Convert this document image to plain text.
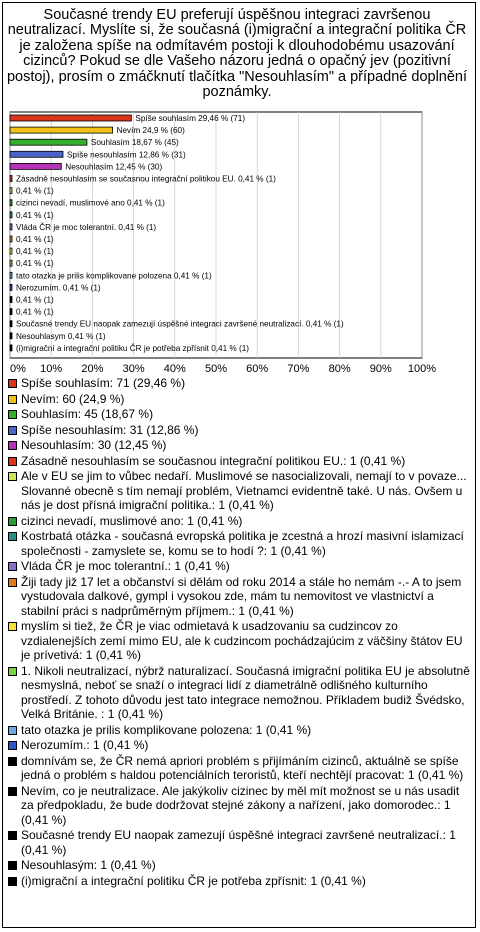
Současné trendy EU preferují úspěšnou integraci završenou neutralizací. Myslíte si, že současná (i)migrační a integrační politika ČR je založena spíše na odmítavém postoji k dlouhodobému usazování cizinců? Pokud se dle Vašeho názoru jedná o opačný jev (pozitivní postoj), prosím o zmáčknutí tlačítka "Nesouhlasím" a případné doplnění poznámky.
0% 10% 20% 30% 40% 50% 60% 70% 80% 90% 100%
Spíše souhlasím 29,46 % (71)
Nevím 24,9 % (60)
Souhlasím 18,67 % (45)
Spíše nesouhlasím 12,86 % (31)
Nesouhlasím 12,45 % (30)
Zásadně nesouhlasím se současnou integrační politikou EU. 0,41 % (1)
0,41 % (1)
cizinci nevadí, muslimové ano 0,41 % (1)
0,41 % (1)
Vláda ČR je moc tolerantní. 0,41 % (1)
0,41 % (1)
0,41 % (1)
0,41 % (1)
tato otazka je prilis komplikovane polozena 0,41 % (1)
Nerozumím. 0,41 % (1)
0,41 % (1)
0,41 % (1)
Současné trendy EU naopak zamezují úspěšné integraci završené neutralizací. 0,41 % (1)
Nesouhlasym 0,41 % (1)
(i)migrační a integrační politiku ČR je potřeba zpřísnit 0,41 % (1)
Spíše souhlasím: 71 (29,46 %)
Nevím: 60 (24,9 %)
Souhlasím: 45 (18,67 %)
Spíše nesouhlasím: 31 (12,86 %)
Nesouhlasím: 30 (12,45 %)
Zásadně nesouhlasím se současnou integrační politikou EU.: 1 (0,41 %)
Ale v EU se jim to vůbec nedaří. Muslimové se nasocializovali, nemají to v povaze... Slovanné obecně s tím nemají problém, Vietnamci evidentně také. U nás. Ovšem u nás je dost přísná imigrační politika.: 1 (0,41 %)
cizinci nevadí, muslimové ano: 1 (0,41 %)
Kostrbatá otázka - současná evropská politika je zcestná a hrozí masivní islamizací společnosti - zamyslete se, komu se to hodí ?: 1 (0,41 %)
Vláda ČR je moc tolerantní.: 1 (0,41 %)
Žiji tady již 17 let a občanství si dělám od roku 2014 a stále ho nemám -.- A to jsem vystudovala dalkové, gympl i vysokou zde, mám tu nemovitost ve vlastnictví a stabilní práci s nadprůměrným příjmem.: 1 (0,41 %)
myslím si tiež, že ČR je viac odmietavá k usadzovaniu sa cudzincov zo vzdialenejších zemí mimo EU, ale k cudzincom pochádzajúcim z väčšiny štátov EU je prívetivá: 1 (0,41 %)
1. Nikoli neutralizací, nýbrž naturalizací. Současná imigrační politika EU je absolutně nesmyslná, neboť se snaží o integraci lidí z diametrálně odlišného kulturního prostředí. Z tohoto důvodu jest tato integrace nemožnou. Příkladem budiž Švédsko, Velká Británie. : 1 (0,41 %)
tato otazka je prilis komplikovane polozena: 1 (0,41 %)
Nerozumím.: 1 (0,41 %)
domnívám se, že ČR nemá apriori problém s přijímáním cizinců, aktuálně se spíše jedná o problém s haldou potenciálních teroristů, kteří nechtějí pracovat: 1 (0,41 %)
Nevím, co je neutralizace. Ale jakýkoliv cizinec by měl mít možnost se u nás usadit za předpokladu, že bude dodržovat stejné zákony a nařízení, jako domorodec.: 1 (0,41 %)
Současné trendy EU naopak zamezují úspěšné integraci završené neutralizací.: 1 (0,41 %)
Nesouhlasým: 1 (0,41 %)
(i)migrační a integrační politiku ČR je potřeba zpřísnit: 1 (0,41 %)
